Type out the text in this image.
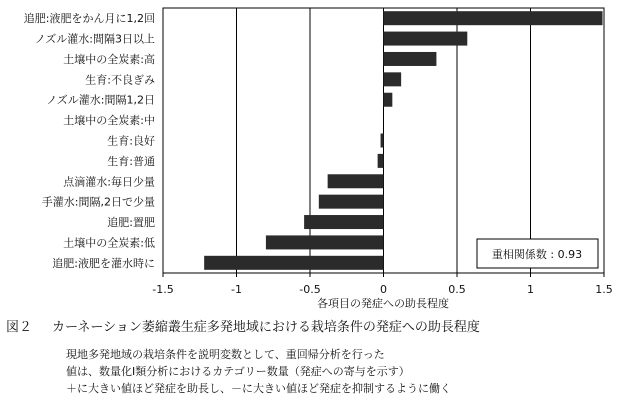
追肥:液肥をかん月に1,2回
ノズル灌水:間隔3日以上
土壌中の全炭素:高
生育:不良ぎみ
ノズル灌水:間隔1,2日
土壌中の全炭素:中
生育:良好
生育:普通
点滴灌水:毎日少量
手灌水:間隔,2日で少量
追肥:置肥
土壌中の全炭素:低
追肥:液肥を灌水時に
-1.5	-1	-0.5	0	0.5	1	1.5
重相関係数 : 0.93
各項目の発症への助長程度
図２ カーネーション萎縮叢生症多発地域における栽培条件の発症への助長程度
現地多発地域の栽培条件を説明変数として、重回帰分析を行った
値は、数量化Ⅰ類分析におけるカテゴリー数量（発症への寄与を示す）
＋に大きい値ほど発症を助長し、－に大きい値ほど発症を抑制するように働く
